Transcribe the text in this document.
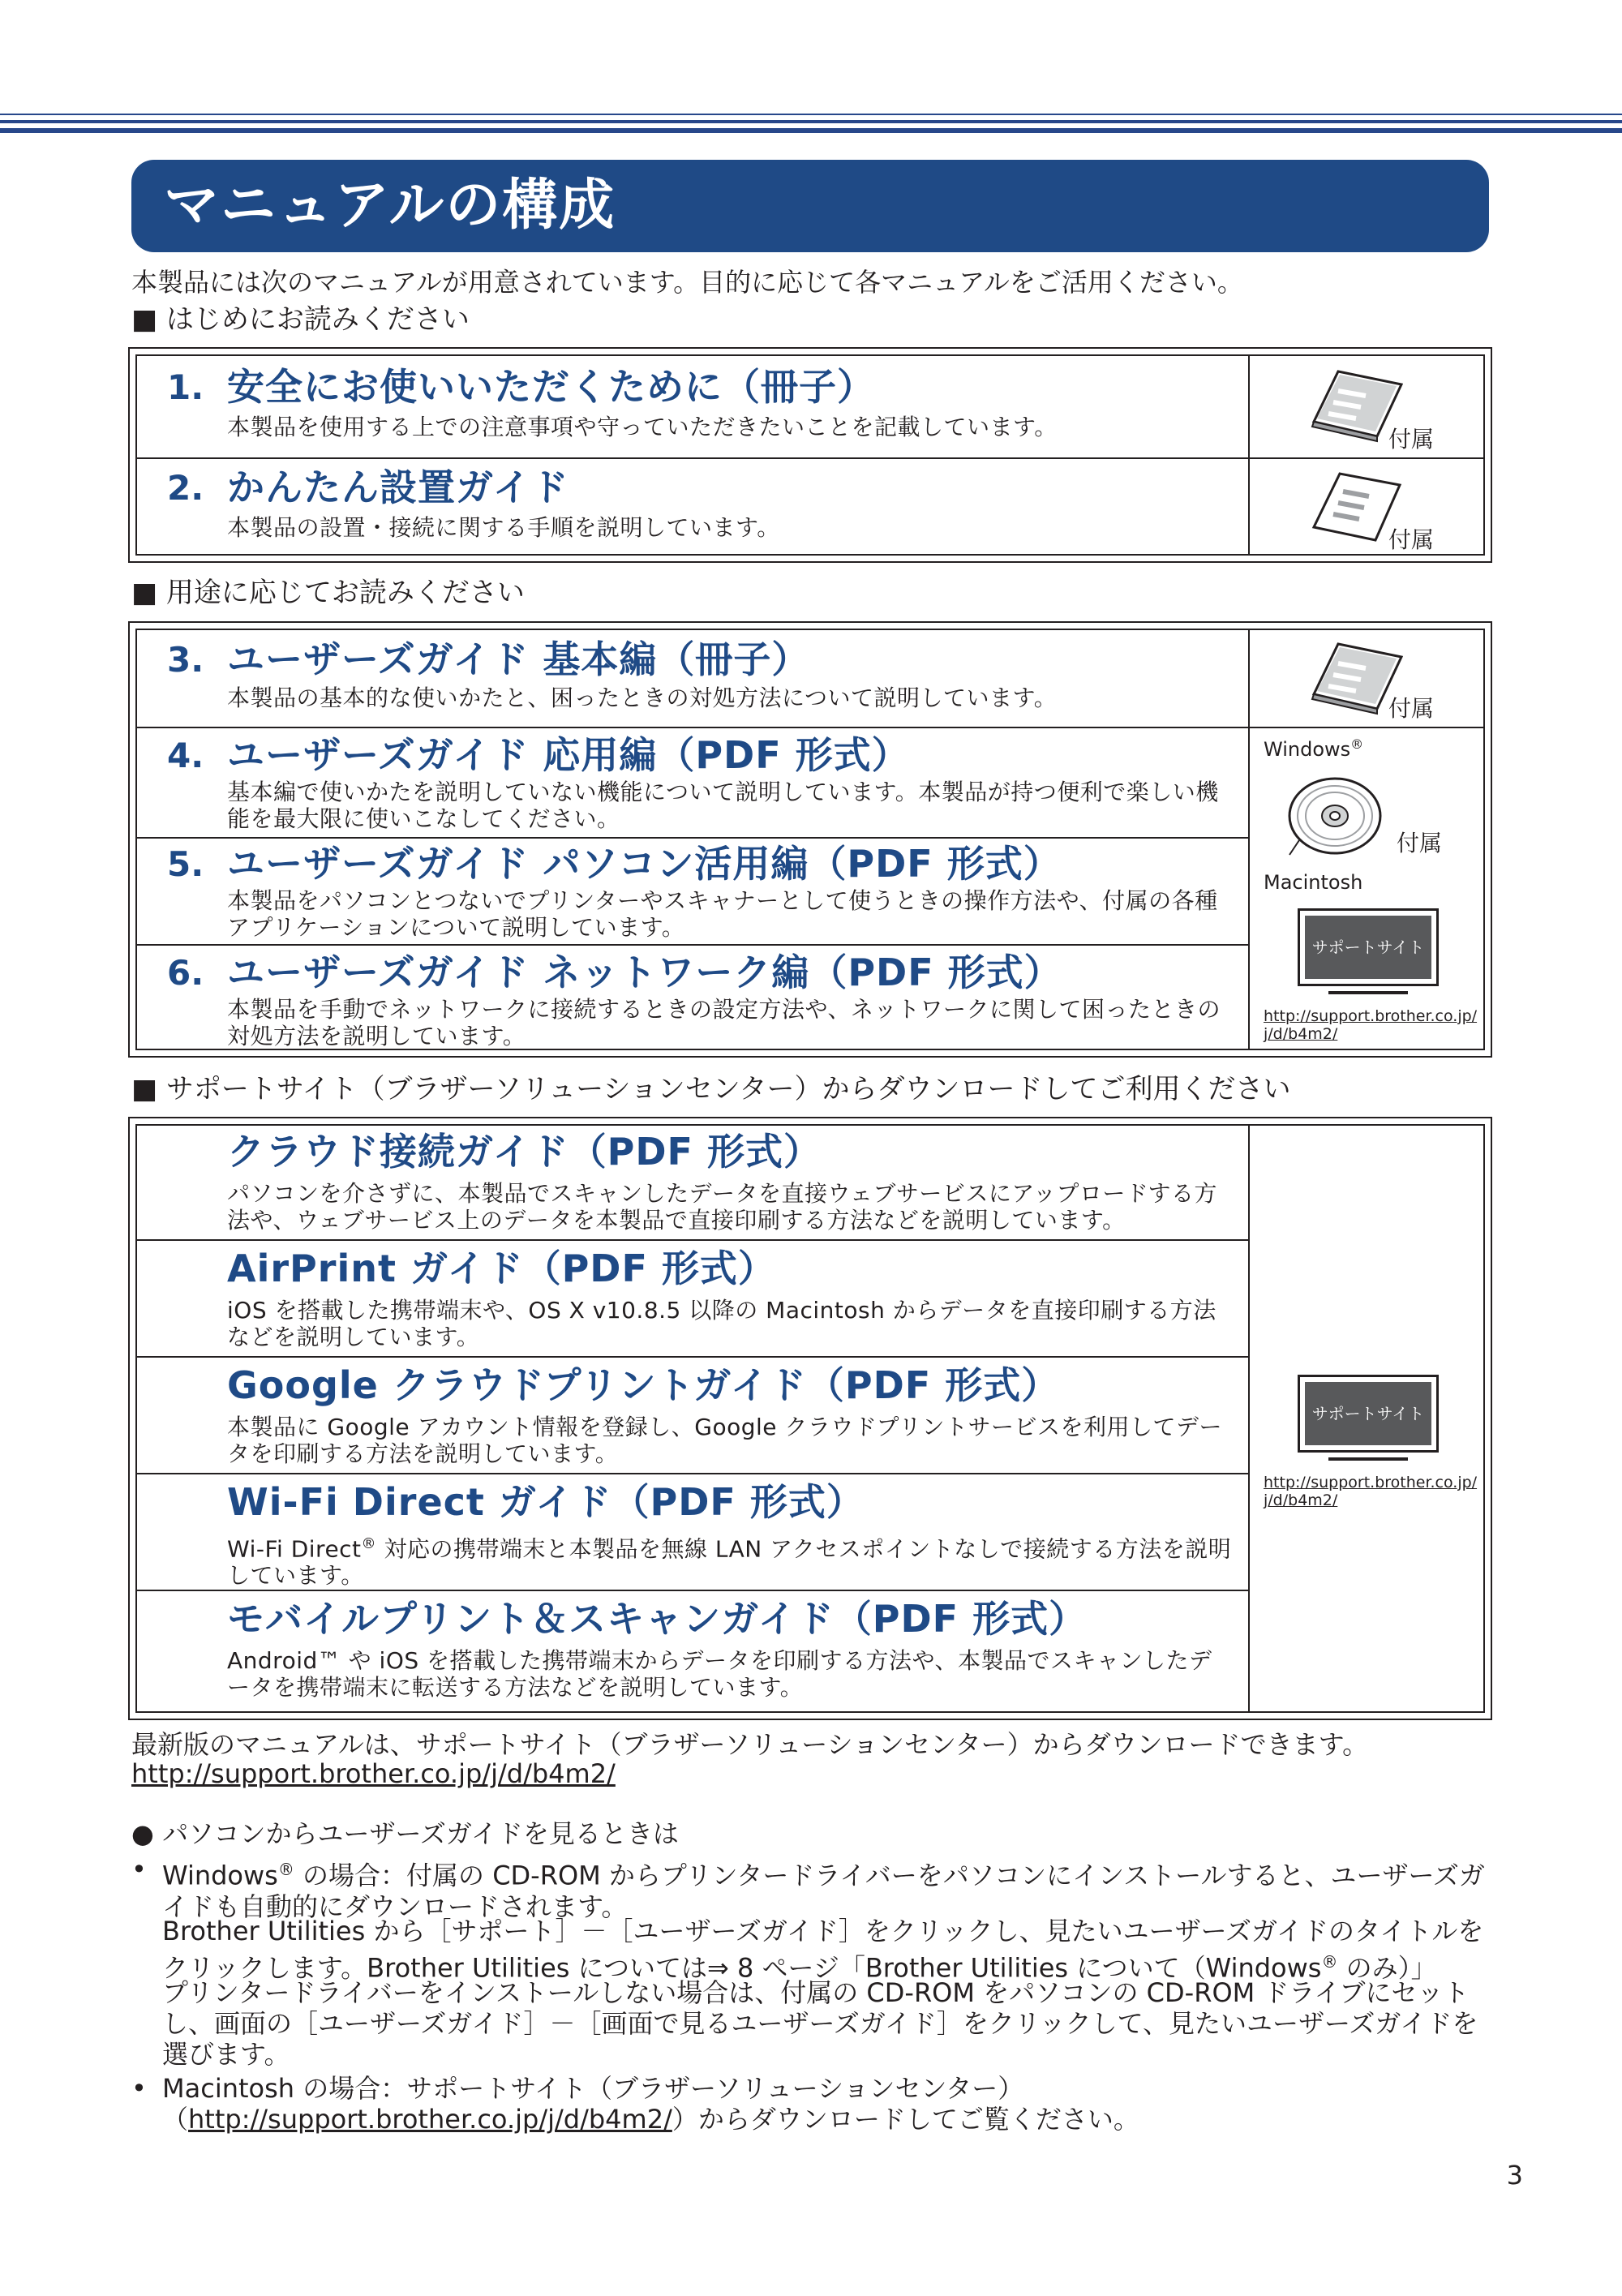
マニュアルの構成
本製品には次のマニュアルが用意されています。目的に応じて各マニュアルをご活用ください。
■ はじめにお読みください
1. 安全にお使いいただくために（冊子）
本製品を使用する上での注意事項や守っていただきたいことを記載しています。	付属
2. かんたん設置ガイド
本製品の設置・接続に関する手順を説明しています。	付属
■ 用途に応じてお読みください
3. ユーザーズガイド 基本編（冊子）
本製品の基本的な使いかたと、困ったときの対処方法について説明しています。	付属
4. ユーザーズガイド 応用編（PDF 形式）
基本編で使いかたを説明していない機能について説明しています。本製品が持つ便利で楽しい機能を最大限に使いこなしてください。
5. ユーザーズガイド パソコン活用編（PDF 形式）
本製品をパソコンとつないでプリンターやスキャナーとして使うときの操作方法や、付属の各種アプリケーションについて説明しています。
6. ユーザーズガイド ネットワーク編（PDF 形式）
本製品を手動でネットワークに接続するときの設定方法や、ネットワークに関して困ったときの対処方法を説明しています。
Windows®
付属
Macintosh
サポートサイト
http://support.brother.co.jp/j/d/b4m2/
■ サポートサイト（ブラザーソリューションセンター）からダウンロードしてご利用ください
クラウド接続ガイド（PDF 形式）
パソコンを介さずに、本製品でスキャンしたデータを直接ウェブサービスにアップロードする方法や、ウェブサービス上のデータを本製品で直接印刷する方法などを説明しています。
AirPrint ガイド（PDF 形式）
iOS を搭載した携帯端末や、OS X v10.8.5 以降の Macintosh からデータを直接印刷する方法などを説明しています。
Google クラウドプリントガイド（PDF 形式）
本製品に Google アカウント情報を登録し、Google クラウドプリントサービスを利用してデータを印刷する方法を説明しています。
Wi-Fi Direct ガイド（PDF 形式）
Wi-Fi Direct® 対応の携帯端末と本製品を無線 LAN アクセスポイントなしで接続する方法を説明しています。
モバイルプリント＆スキャンガイド（PDF 形式）
Android™ や iOS を搭載した携帯端末からデータを印刷する方法や、本製品でスキャンしたデータを携帯端末に転送する方法などを説明しています。
サポートサイト
http://support.brother.co.jp/j/d/b4m2/
最新版のマニュアルは、サポートサイト（ブラザーソリューションセンター）からダウンロードできます。
http://support.brother.co.jp/j/d/b4m2/
● パソコンからユーザーズガイドを見るときは
• Windows® の場合：付属の CD-ROM からプリンタードライバーをパソコンにインストールすると、ユーザーズガイドも自動的にダウンロードされます。
Brother Utilities から［サポート］－［ユーザーズガイド］をクリックし、見たいユーザーズガイドのタイトルをクリックします。Brother Utilities については⇒ 8 ページ「Brother Utilities について（Windows® のみ）」
プリンタードライバーをインストールしない場合は、付属の CD-ROM をパソコンの CD-ROM ドライブにセットし、画面の［ユーザーズガイド］－［画面で見るユーザーズガイド］をクリックして、見たいユーザーズガイドを選びます。
• Macintosh の場合：サポートサイト（ブラザーソリューションセンター）（http://support.brother.co.jp/j/d/b4m2/）からダウンロードしてご覧ください。
3
